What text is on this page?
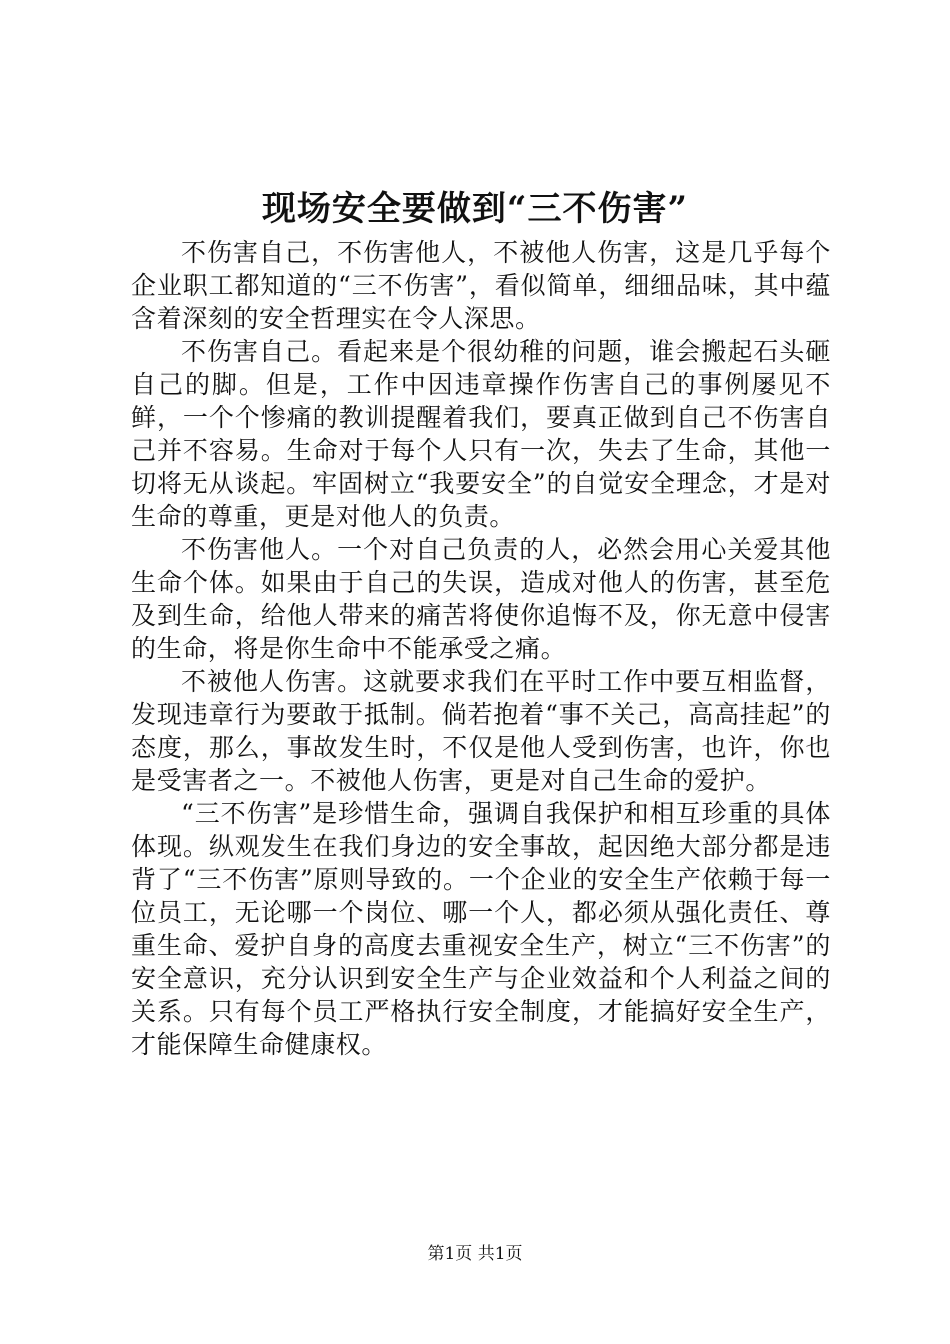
现场安全要做到“三不伤害”

不伤害自己，不伤害他人，不被他人伤害，这是几乎每个企业职工都知道的“三不伤害”，看似简单，细细品味，其中蕴含着深刻的安全哲理实在令人深思。

不伤害自己。看起来是个很幼稚的问题，谁会搬起石头砸自己的脚。但是，工作中因违章操作伤害自己的事例屡见不鲜，一个个惨痛的教训提醒着我们，要真正做到自己不伤害自己并不容易。生命对于每个人只有一次，失去了生命，其他一切将无从谈起。牢固树立“我要安全”的自觉安全理念，才是对生命的尊重，更是对他人的负责。

不伤害他人。一个对自己负责的人，必然会用心关爱其他生命个体。如果由于自己的失误，造成对他人的伤害，甚至危及到生命，给他人带来的痛苦将使你追悔不及，你无意中侵害的生命，将是你生命中不能承受之痛。

不被他人伤害。这就要求我们在平时工作中要互相监督，发现违章行为要敢于抵制。倘若抱着“事不关己，高高挂起”的态度，那么，事故发生时，不仅是他人受到伤害，也许，你也是受害者之一。不被他人伤害，更是对自己生命的爱护。

“三不伤害”是珍惜生命，强调自我保护和相互珍重的具体体现。纵观发生在我们身边的安全事故，起因绝大部分都是违背了“三不伤害”原则导致的。一个企业的安全生产依赖于每一位员工，无论哪一个岗位、哪一个人，都必须从强化责任、尊重生命、爱护自身的高度去重视安全生产，树立“三不伤害”的安全意识，充分认识到安全生产与企业效益和个人利益之间的关系。只有每个员工严格执行安全制度，才能搞好安全生产，才能保障生命健康权。

第1页 共1页
